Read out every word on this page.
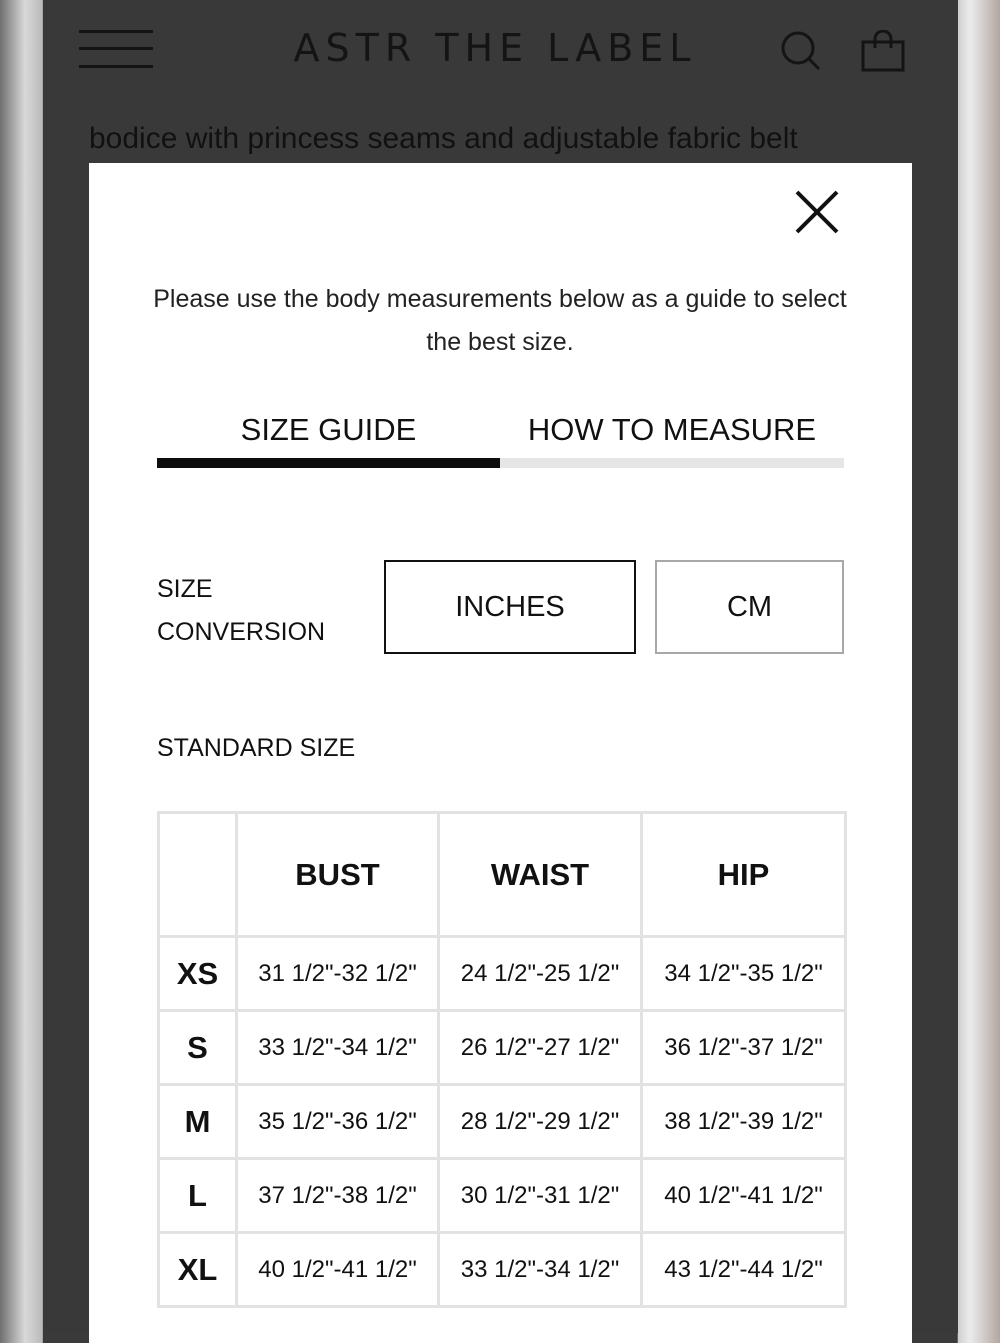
ASTR THE LABEL
bodice with princess seams and adjustable fabric belt
Please use the body measurements below as a guide to select the best size.
SIZE GUIDE	HOW TO MEASURE
SIZE
CONVERSION
INCHES	CM
STANDARD SIZE
	BUST	WAIST	HIP
XS	31 1/2"-32 1/2"	24 1/2"-25 1/2"	34 1/2"-35 1/2"
S	33 1/2"-34 1/2"	26 1/2"-27 1/2"	36 1/2"-37 1/2"
M	35 1/2"-36 1/2"	28 1/2"-29 1/2"	38 1/2"-39 1/2"
L	37 1/2"-38 1/2"	30 1/2"-31 1/2"	40 1/2"-41 1/2"
XL	40 1/2"-41 1/2"	33 1/2"-34 1/2"	43 1/2"-44 1/2"
